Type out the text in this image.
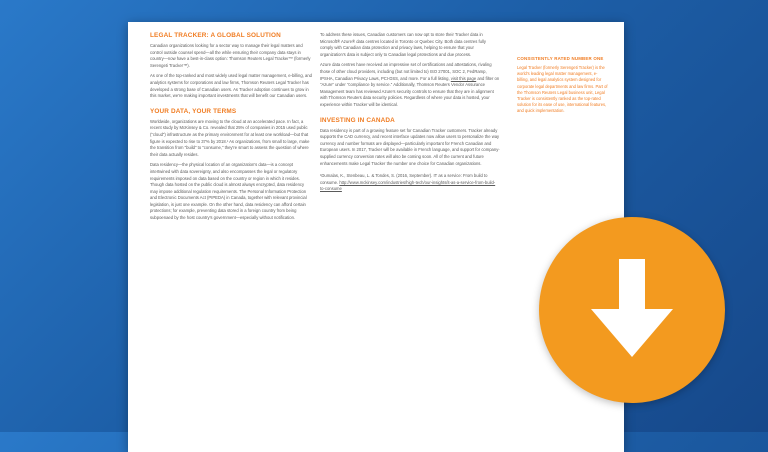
LEGAL TRACKER: A GLOBAL SOLUTION

Canadian organizations looking for a sector way to manage their legal matters and control outside counsel spend—all the while ensuring their company data stays in country—now have a best-in-class option: Thomson Reuters Legal Tracker™ (formerly Serengeti Tracker™).

As one of the top-ranked and most widely used legal matter management, e-billing, and analytics systems for corporations and law firms, Thomson Reuters Legal Tracker has developed a strong base of Canadian users. As Tracker adoption continues to grow in this market, we're making important investments that will benefit our Canadian users.

YOUR DATA, YOUR TERMS

Worldwide, organizations are moving to the cloud at an accelerated pace. In fact, a recent study by McKinsey & Co. revealed that 25% of companies in 2015 used public ("cloud") infrastructure as the primary environment for at least one workload—but that figure is expected to rise to 37% by 2018.¹ As organizations, from small to large, make the transition from "build" to "consume," they're smart to assess the question of where their data actually resides.

Data residency—the physical location of an organization's data—is a concept intertwined with data sovereignty, and also encompasses the legal or regulatory requirements imposed on data based on the country or region in which it resides. Though data hosted on the public cloud is almost always encrypted, data residency may impose additional regulation requirements. The Personal Information Protection and Electronic Documents Act (PIPEDA) in Canada, together with relevant provincial legislation, is just one example. On the other hand, data residency can afford certain protections; for example, preventing data stored in a foreign country from being subpoenaed by the host country's government—especially without notification.

To address these issues, Canadian customers can now opt to store their Tracker data in Microsoft® Azure® data centres located in Toronto or Quebec City. Both data centres fully comply with Canadian data protection and privacy laws, helping to ensure that your organization's data is subject only to Canadian legal protections and due process.

Azure data centres have received an impressive set of certifications and attestations, rivaling those of other cloud providers, including (but not limited to) ISO 27001, SOC 2, FedRamp, IPSHA, Canadian Privacy Laws, PCI-DSS, and more. For a full listing, visit this page and filter on "Azure" under "compliance by service." Additionally, Thomson Reuters Vendor Assurance Management team has reviewed Azure's security controls to ensure that they are in alignment with Thomson Reuters data security policies. Regardless of where your data is hosted, your experience within Tracker will be identical.

INVESTING IN CANADA

Data residency is part of a growing feature set for Canadian Tracker customers. Tracker already supports the CAD currency, and recent interface updates now allow users to personalize the way currency and number formats are displayed—particularly important for French Canadian and European users. In 2017, Tracker will be available in French language, and support for company-supplied currency conversion rates will also be coming soon. All of the current and future enhancements make Legal Tracker the number one choice for Canadian organizations.

¹Dumalas, K., Stenbeau, L. & Tondes, S. (2016, September). IT as a service: From build to consume. http://www.mckinsey.com/industries/high-tech/our-insights/it-as-a-service-from-build-to-consume

CONSISTENTLY RATED NUMBER ONE

Legal Tracker (formerly Serengeti Tracker) is the world's leading legal matter management, e-billing, and legal analytics system designed for corporate legal departments and law firms. Part of the Thomson Reuters Legal business unit, Legal Tracker is consistently ranked as the top-rated solution for its ease of use, international features, and quick implementation.
